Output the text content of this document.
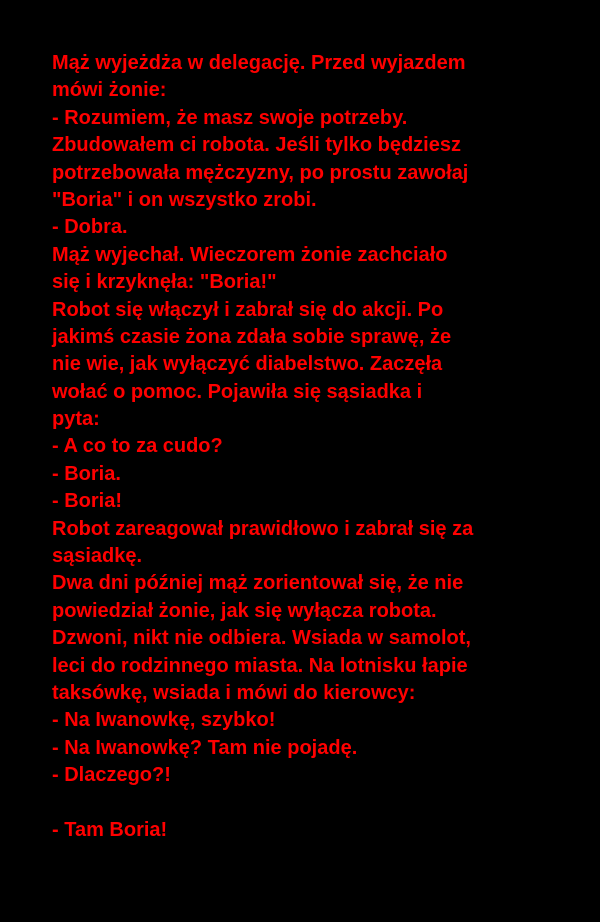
Mąż wyjeżdża w delegację. Przed wyjazdem
mówi żonie:
- Rozumiem, że masz swoje potrzeby.
Zbudowałem ci robota. Jeśli tylko będziesz
potrzebowała mężczyzny, po prostu zawołaj
"Boria" i on wszystko zrobi.
- Dobra.
Mąż wyjechał. Wieczorem żonie zachciało
się i krzyknęła: "Boria!"
Robot się włączył i zabrał się do akcji. Po
jakimś czasie żona zdała sobie sprawę, że
nie wie, jak wyłączyć diabelstwo. Zaczęła
wołać o pomoc. Pojawiła się sąsiadka i
pyta:
- A co to za cudo?
- Boria.
- Boria!
Robot zareagował prawidłowo i zabrał się za
sąsiadkę.
Dwa dni później mąż zorientował się, że nie
powiedział żonie, jak się wyłącza robota.
Dzwoni, nikt nie odbiera. Wsiada w samolot,
leci do rodzinnego miasta. Na lotnisku łapie
taksówkę, wsiada i mówi do kierowcy:
- Na Iwanowkę, szybko!
- Na Iwanowkę? Tam nie pojadę.
- Dlaczego?!
- Tam Boria!
